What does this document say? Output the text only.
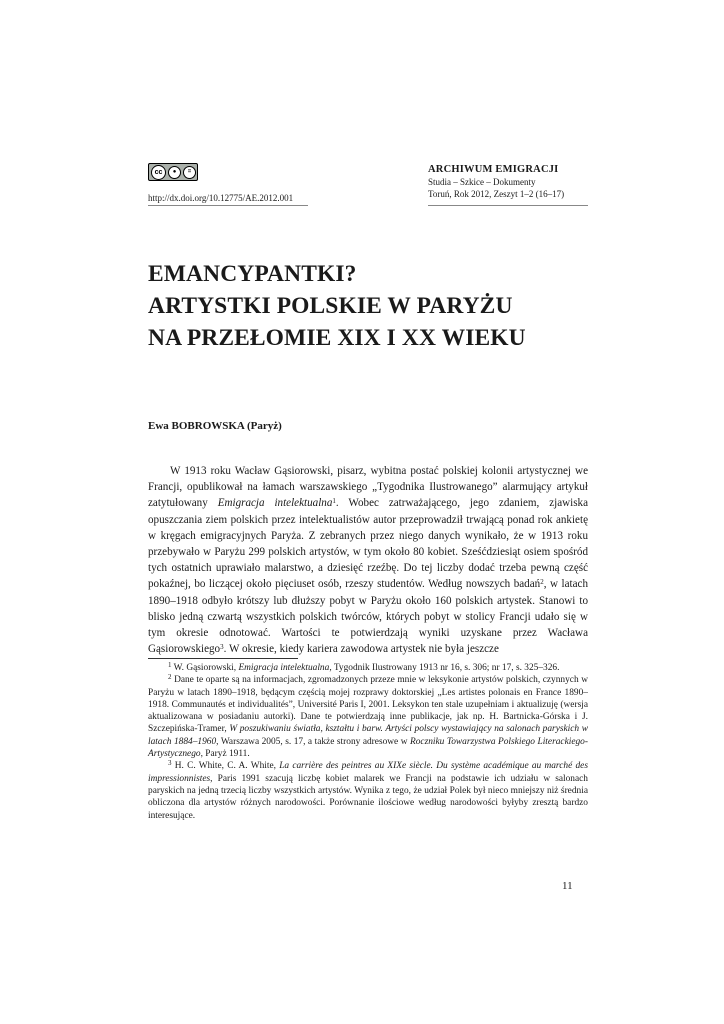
cc	●	=
http://dx.doi.org/10.12775/AE.2012.001
ARCHIWUM EMIGRACJI
Studia – Szkice – Dokumenty
Toruń, Rok 2012, Zeszyt 1–2 (16–17)
EMANCYPANTKI?
ARTYSTKI POLSKIE W PARYŻU
NA PRZEŁOMIE XIX I XX WIEKU
Ewa BOBROWSKA (Paryż)

W 1913 roku Wacław Gąsiorowski, pisarz, wybitna postać polskiej kolonii artystycznej we Francji, opublikował na łamach warszawskiego „Tygodnika Ilustrowanego” alarmujący artykuł zatytułowany Emigracja intelektualna$^1$. Wobec zatrważającego, jego zdaniem, zjawiska opuszczania ziem polskich przez intelektualistów autor przeprowadził trwającą ponad rok ankietę w kręgach emigracyjnych Paryża. Z zebranych przez niego danych wynikało, że w 1913 roku przebywało w Paryżu 299 polskich artystów, w tym około 80 kobiet. Sześćdziesiąt osiem spośród tych ostatnich uprawiało malarstwo, a dziesięć rzeźbę. Do tej liczby dodać trzeba pewną część pokaźnej, bo liczącej około pięciuset osób, rzeszy studentów. Według nowszych badań$^2$, w latach 1890–1918 odbyło krótszy lub dłuższy pobyt w Paryżu około 160 polskich artystek. Stanowi to blisko jedną czwartą wszystkich polskich twórców, których pobyt w stolicy Francji udało się w tym okresie odnotować. Wartości te potwierdzają wyniki uzyskane przez Wacława Gąsiorowskiego$^3$. W okresie, kiedy kariera zawodowa artystek nie była jeszcze

$^1$ W. Gąsiorowski, Emigracja intelektualna, Tygodnik Ilustrowany 1913 nr 16, s. 306; nr 17, s. 325–326.

$^2$ Dane te oparte są na informacjach, zgromadzonych przeze mnie w leksykonie artystów polskich, czynnych w Paryżu w latach 1890–1918, będącym częścią mojej rozprawy doktorskiej „Les artistes polonais en France 1890–1918. Communautés et individualités”, Université Paris I, 2001. Leksykon ten stale uzupełniam i aktualizuję (wersja aktualizowana w posiadaniu autorki). Dane te potwierdzają inne publikacje, jak np. H. Bartnicka-Górska i J. Szczepińska-Tramer, W poszukiwaniu światła, kształtu i barw. Artyści polscy wystawiający na salonach paryskich w latach 1884–1960, Warszawa 2005, s. 17, a także strony adresowe w Roczniku Towarzystwa Polskiego Literackiego-Artystycznego, Paryż 1911.

$^3$ H. C. White, C. A. White, La carrière des peintres au XIXe siècle. Du système académique au marché des impressionnistes, Paris 1991 szacują liczbę kobiet malarek we Francji na podstawie ich udziału w salonach paryskich na jedną trzecią liczby wszystkich artystów. Wynika z tego, że udział Polek był nieco mniejszy niż średnia obliczona dla artystów różnych narodowości. Porównanie ilościowe według narodowości byłyby zresztą bardzo interesujące.

11
